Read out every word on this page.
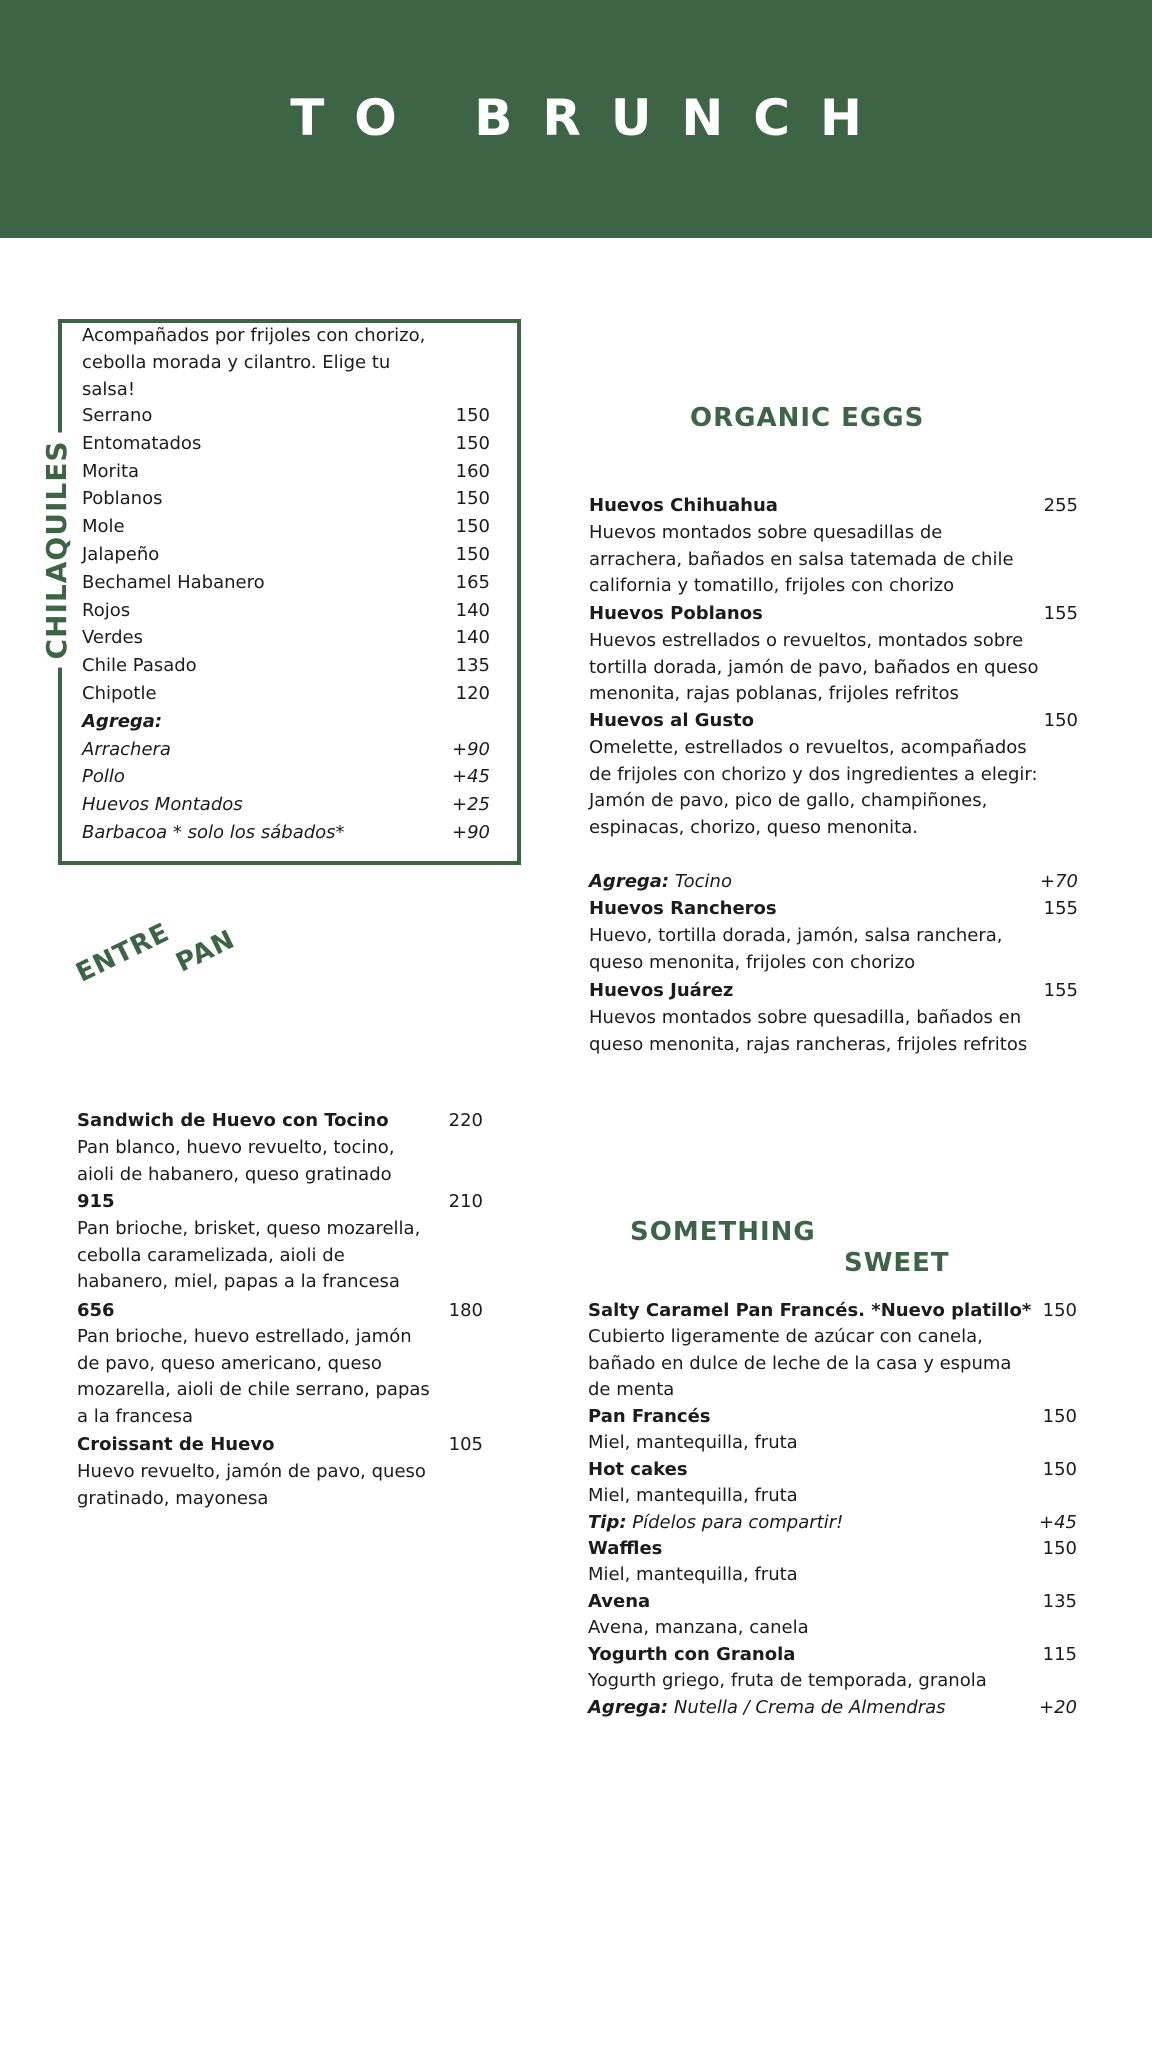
TO BRUNCH
CHILAQUILES
Acompañados por frijoles con chorizo,
cebolla morada y cilantro. Elige tu
salsa!
Serrano	150
Entomatados	150
Morita	160
Poblanos	150
Mole	150
Jalapeño	150
Bechamel Habanero	165
Rojos	140
Verdes	140
Chile Pasado	135
Chipotle	120
Agrega:
Arrachera	+90
Pollo	+45
Huevos Montados	+25
Barbacoa * solo los sábados*	+90
ENTRE
PAN
Sandwich de Huevo con Tocino	220
Pan blanco, huevo revuelto, tocino, aioli de habanero, queso gratinado
915	210
Pan brioche, brisket, queso mozarella, cebolla caramelizada, aioli de habanero, miel, papas a la francesa
656	180
Pan brioche, huevo estrellado, jamón de pavo, queso americano, queso mozarella, aioli de chile serrano, papas a la francesa
Croissant de Huevo	105
Huevo revuelto, jamón de pavo, queso gratinado, mayonesa
ORGANIC EGGS
Huevos Chihuahua	255
Huevos montados sobre quesadillas de arrachera, bañados en salsa tatemada de chile california y tomatillo, frijoles con chorizo
Huevos Poblanos	155
Huevos estrellados o revueltos, montados sobre tortilla dorada, jamón de pavo, bañados en queso menonita, rajas poblanas, frijoles refritos
Huevos al Gusto	150
Omelette, estrellados o revueltos, acompañados de frijoles con chorizo y dos ingredientes a elegir: Jamón de pavo, pico de gallo, champiñones, espinacas, chorizo, queso menonita.
Agrega: Tocino	+70
Huevos Rancheros	155
Huevo, tortilla dorada, jamón, salsa ranchera, queso menonita, frijoles con chorizo
Huevos Juárez	155
Huevos montados sobre quesadilla, bañados en queso menonita, rajas rancheras, frijoles refritos
SOMETHING
SWEET
Salty Caramel Pan Francés. *Nuevo platillo* 150
Cubierto ligeramente de azúcar con canela, bañado en dulce de leche de la casa y espuma de menta
Pan Francés	150
Miel, mantequilla, fruta
Hot cakes	150
Miel, mantequilla, fruta
Tip: Pídelos para compartir!	+45
Waffles	150
Miel, mantequilla, fruta
Avena	135
Avena, manzana, canela
Yogurth con Granola	115
Yogurth griego, fruta de temporada, granola
Agrega: Nutella / Crema de Almendras	+20
